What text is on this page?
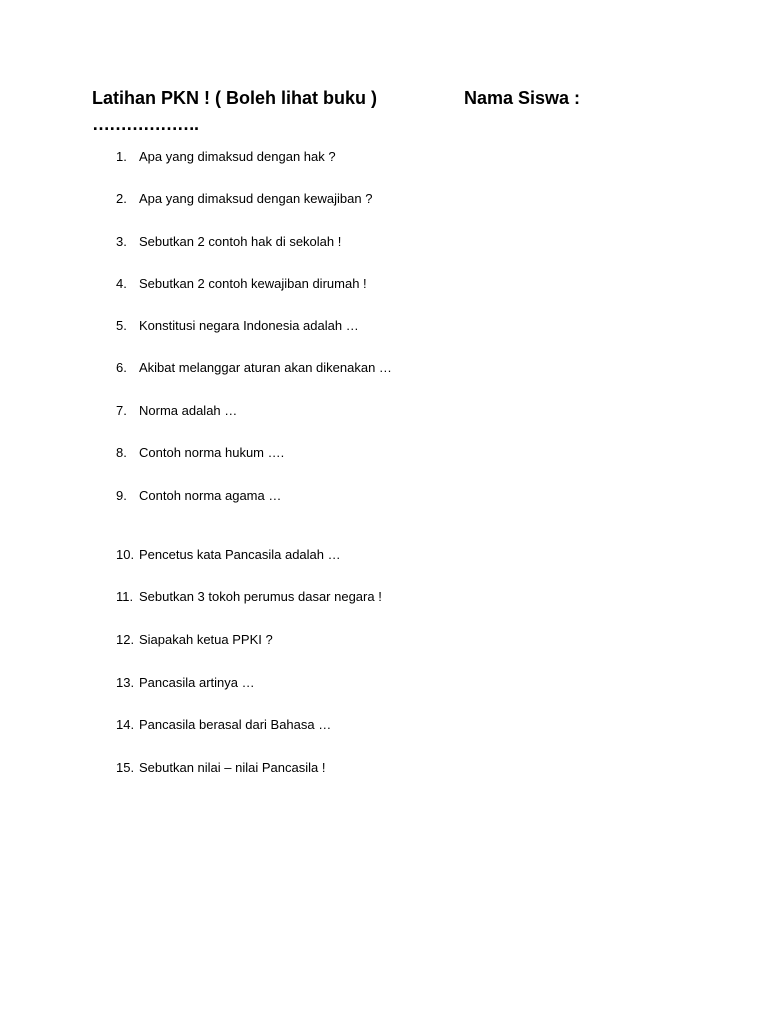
Latihan PKN ! ( Boleh lihat buku )	Nama Siswa :
……………….
1. Apa yang dimaksud dengan hak ?
2. Apa yang dimaksud dengan kewajiban ?
3. Sebutkan 2 contoh hak di sekolah !
4. Sebutkan 2 contoh kewajiban dirumah !
5. Konstitusi negara Indonesia adalah …
6. Akibat melanggar aturan akan dikenakan …
7. Norma adalah …
8. Contoh norma hukum ….
9. Contoh norma agama …
10. Pencetus kata Pancasila adalah …
11. Sebutkan 3 tokoh perumus dasar negara !
12. Siapakah ketua PPKI ?
13. Pancasila artinya …
14. Pancasila berasal dari Bahasa …
15. Sebutkan nilai – nilai Pancasila !
